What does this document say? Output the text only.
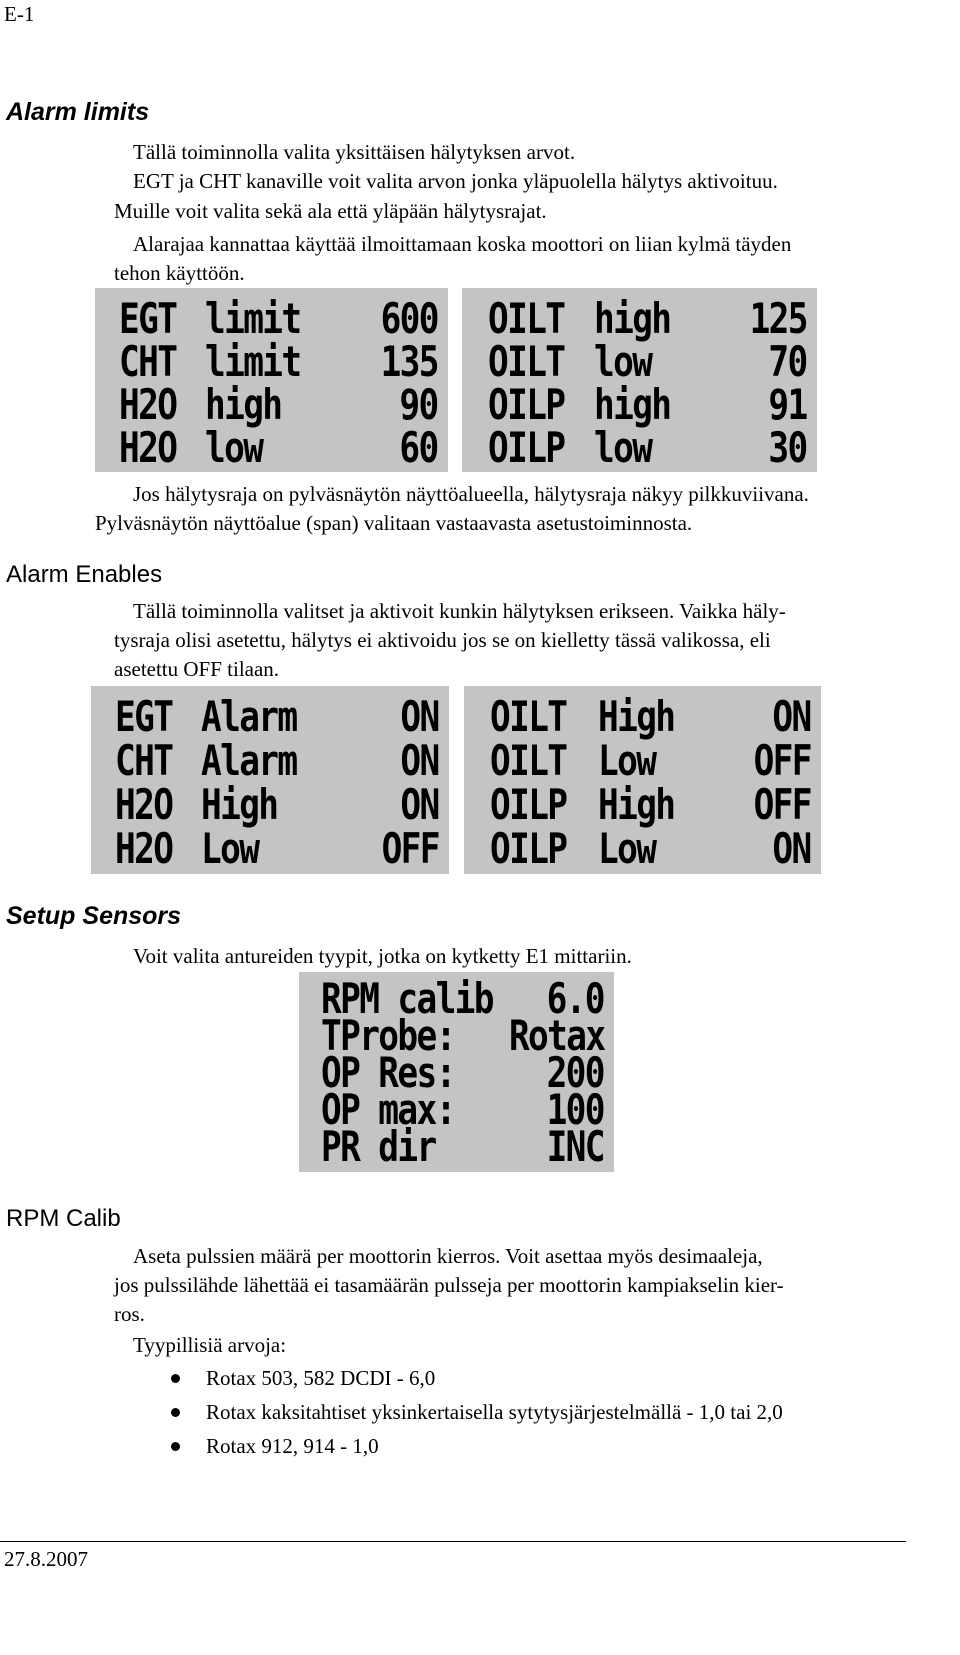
E-1
Alarm limits
Tällä toiminnolla valita yksittäisen hälytyksen arvot.
EGT ja CHT kanaville voit valita arvon jonka yläpuolella hälytys aktivoituu.
Muille voit valita sekä ala että yläpään hälytysrajat.
Alarajaa kannattaa käyttää ilmoittamaan koska moottori on liian kylmä täyden
tehon käyttöön.
EGT limit 600
CHT limit 135
H2O high	90
H2O low	60
OILT high 125
OILT low	70
OILP high 91
OILP low	30
Jos hälytysraja on pylväsnäytön näyttöalueella, hälytysraja näkyy pilkkuviivana.
Pylväsnäytön näyttöalue (span) valitaan vastaavasta asetustoiminnosta.
Alarm Enables
Tällä toiminnolla valitset ja aktivoit kunkin hälytyksen erikseen. Vaikka häly-
tysraja olisi asetettu, hälytys ei aktivoidu jos se on kielletty tässä valikossa, eli
asetettu OFF tilaan.
EGT Alarm ON
CHT Alarm ON
H2O High	ON
H2O Low	OFF
OILT High ON
OILT Low OFF
OILP High OFF
OILP Low	ON
Setup Sensors
Voit valita antureiden tyypit, jotka on kytketty E1 mittariin.
RPM calib 6.0
TProbe: Rotax
OP Res: 200
OP max: 100
PR dir	INC
RPM Calib
Aseta pulssien määrä per moottorin kierros. Voit asettaa myös desimaaleja,
jos pulssilähde lähettää ei tasamäärän pulsseja per moottorin kampiakselin kier-
ros.
Tyypillisiä arvoja:
Rotax 503, 582 DCDI - 6,0
Rotax kaksitahtiset yksinkertaisella sytytysjärjestelmällä - 1,0 tai 2,0
Rotax 912, 914 - 1,0
27.8.2007
